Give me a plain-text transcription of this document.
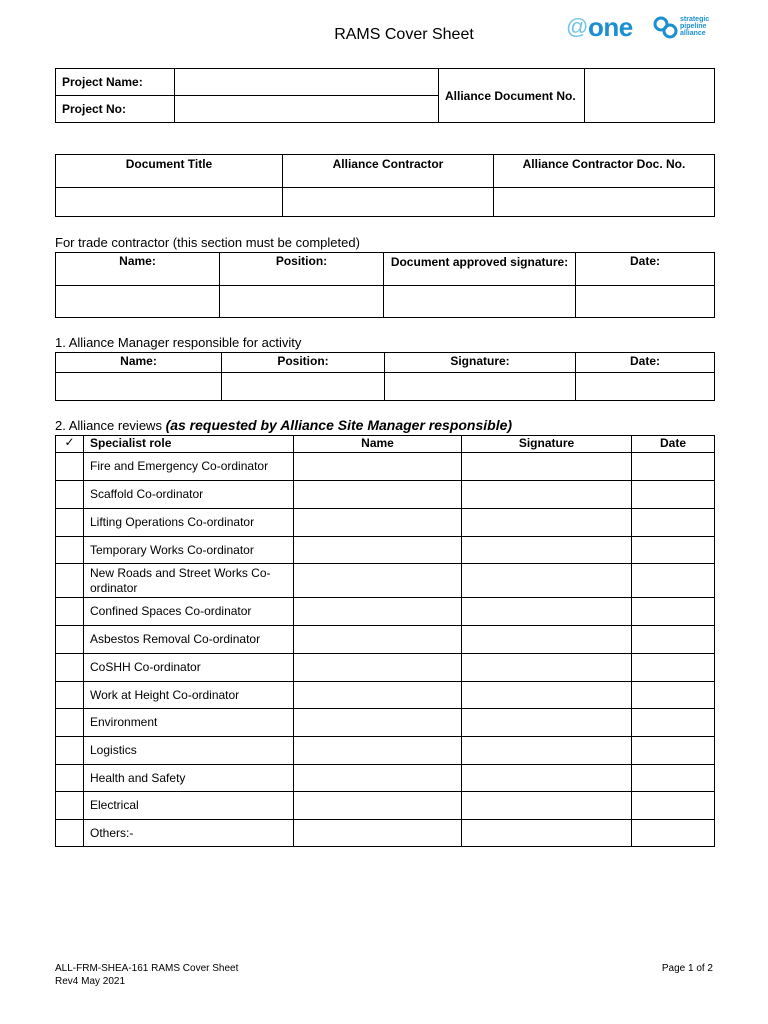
RAMS Cover Sheet	@ one	strategic
pipeline
alliance
Project Name:		Alliance Document No.	
Project No:			
Document Title	Alliance Contractor	Alliance Contractor Doc. No.

For trade contractor (this section must be completed)
Name:	Position:	Document approved signature:	Date:

1. Alliance Manager responsible for activity
Name:	Position:	Signature:	Date:

2. Alliance reviews (as requested by Alliance Site Manager responsible)
✓	Specialist role	Name	Signature	Date
	Fire and Emergency Co-ordinator			
	Scaffold Co-ordinator			
	Lifting Operations Co-ordinator			
	Temporary Works Co-ordinator			
	New Roads and Street Works Co-ordinator			
	Confined Spaces Co-ordinator			
	Asbestos Removal Co-ordinator			
	CoSHH Co-ordinator			
	Work at Height Co-ordinator			
	Environment			
	Logistics			
	Health and Safety			
	Electrical			
	Others:-			
ALL-FRM-SHEA-161 RAMS Cover Sheet
Rev4 May 2021
Page 1 of 2
